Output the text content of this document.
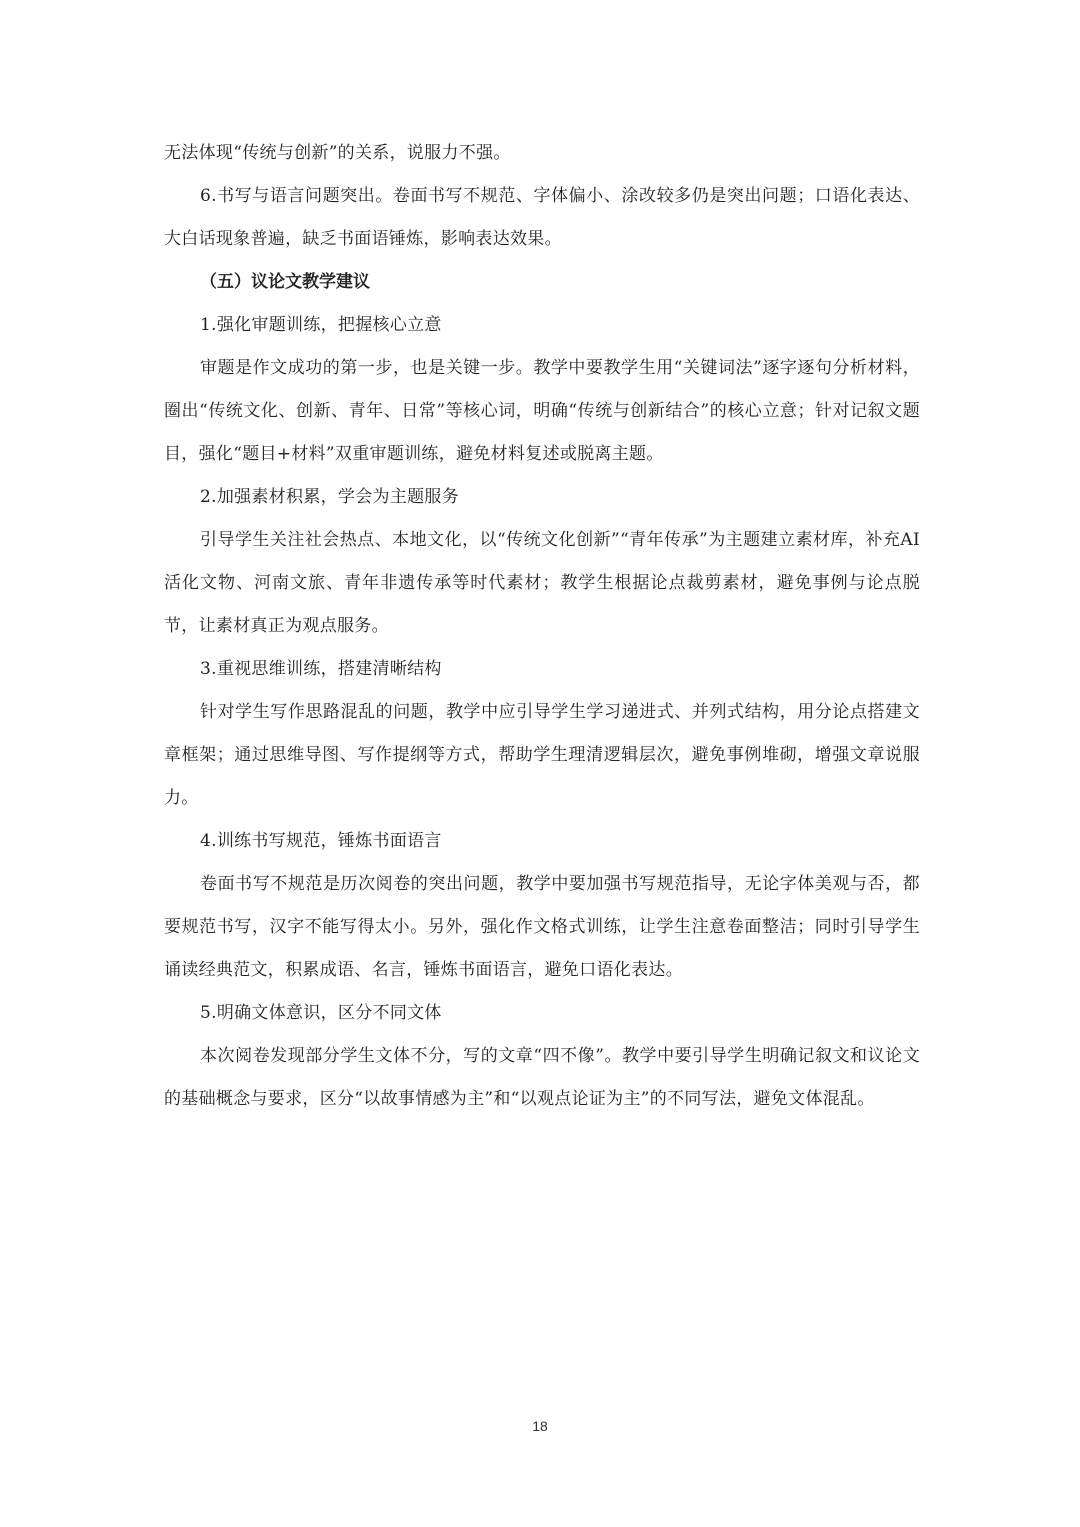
无法体现“传统与创新”的关系，说服力不强。

6.书写与语言问题突出。卷面书写不规范、字体偏小、涂改较多仍是突出问题；口语化表达、大白话现象普遍，缺乏书面语锤炼，影响表达效果。

（五）议论文教学建议

1.强化审题训练，把握核心立意

审题是作文成功的第一步，也是关键一步。教学中要教学生用“关键词法”逐字逐句分析材料，圈出“传统文化、创新、青年、日常”等核心词，明确“传统与创新结合”的核心立意；针对记叙文题目，强化“题目+材料”双重审题训练，避免材料复述或脱离主题。

2.加强素材积累，学会为主题服务

引导学生关注社会热点、本地文化，以“传统文化创新”“青年传承”为主题建立素材库，补充AI活化文物、河南文旅、青年非遗传承等时代素材；教学生根据论点裁剪素材，避免事例与论点脱节，让素材真正为观点服务。

3.重视思维训练，搭建清晰结构

针对学生写作思路混乱的问题，教学中应引导学生学习递进式、并列式结构，用分论点搭建文章框架；通过思维导图、写作提纲等方式，帮助学生理清逻辑层次，避免事例堆砌，增强文章说服力。

4.训练书写规范，锤炼书面语言

卷面书写不规范是历次阅卷的突出问题，教学中要加强书写规范指导，无论字体美观与否，都要规范书写，汉字不能写得太小。另外，强化作文格式训练，让学生注意卷面整洁；同时引导学生诵读经典范文，积累成语、名言，锤炼书面语言，避免口语化表达。

5.明确文体意识，区分不同文体

本次阅卷发现部分学生文体不分，写的文章“四不像”。教学中要引导学生明确记叙文和议论文的基础概念与要求，区分“以故事情感为主”和“以观点论证为主”的不同写法，避免文体混乱。

18
